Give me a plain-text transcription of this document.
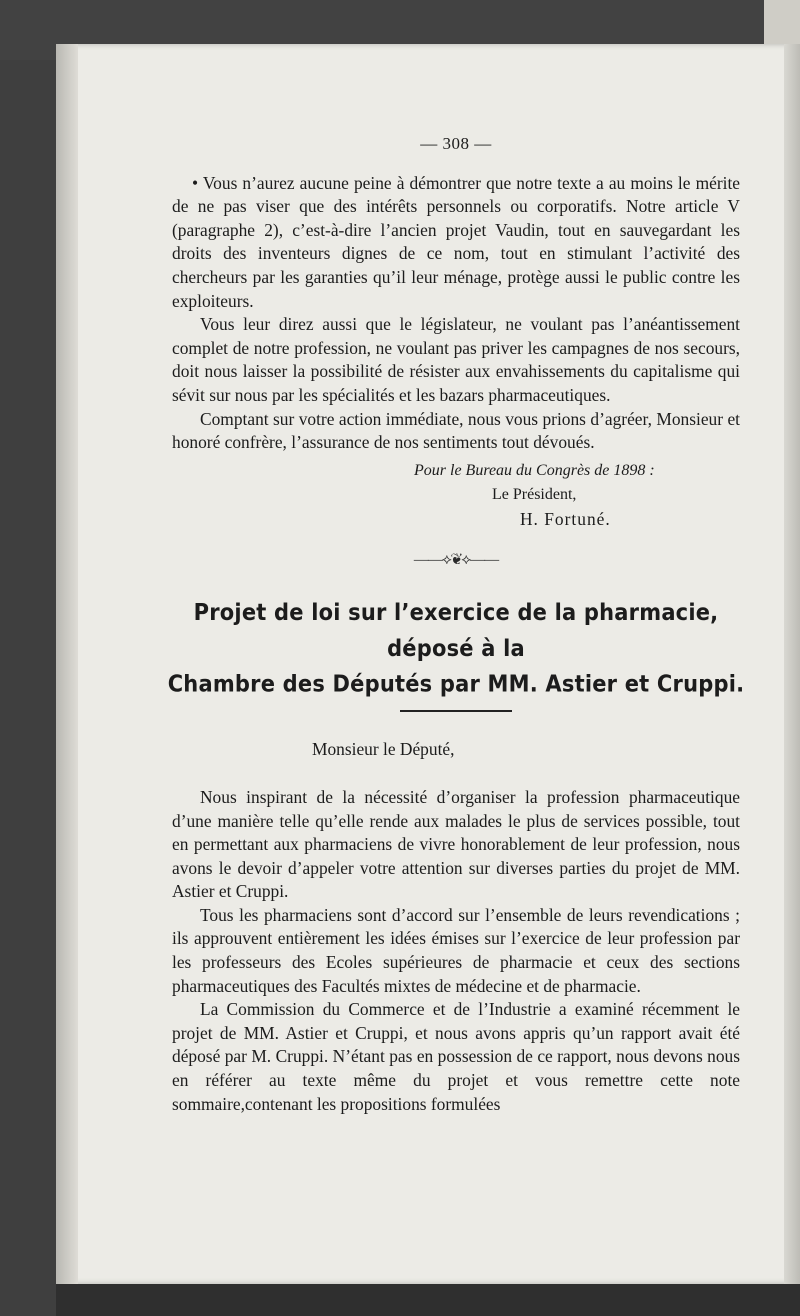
— 308 —

• Vous n’aurez aucune peine à démontrer que notre texte a au moins le mérite de ne pas viser que des intérêts personnels ou corporatifs. Notre article V (paragraphe 2), c’est-à-dire l’ancien projet Vaudin, tout en sauvegardant les droits des inventeurs dignes de ce nom, tout en stimulant l’activité des chercheurs par les garanties qu’il leur ménage, protège aussi le public contre les exploiteurs.

Vous leur direz aussi que le législateur, ne voulant pas l’anéantissement complet de notre profession, ne voulant pas priver les campagnes de nos secours, doit nous laisser la possibilité de résister aux envahissements du capitalisme qui sévit sur nous par les spécialités et les bazars pharmaceutiques.

Comptant sur votre action immédiate, nous vous prions d’agréer, Monsieur et honoré confrère, l’assurance de nos sentiments tout dévoués.

Pour le Bureau du Congrès de 1898 :

Le Président,

H. Fortuné.

——⟡❦⟡——
Projet de loi sur l’exercice de la pharmacie, déposé à la
Chambre des Députés par MM. Astier et Cruppi.

Monsieur le Député,

Nous inspirant de la nécessité d’organiser la profession pharmaceutique d’une manière telle qu’elle rende aux malades le plus de services possible, tout en permettant aux pharmaciens de vivre honorablement de leur profession, nous avons le devoir d’appeler votre attention sur diverses parties du projet de MM. Astier et Cruppi.

Tous les pharmaciens sont d’accord sur l’ensemble de leurs revendications ; ils approuvent entièrement les idées émises sur l’exercice de leur profession par les professeurs des Ecoles supérieures de pharmacie et ceux des sections pharmaceutiques des Facultés mixtes de médecine et de pharmacie.

La Commission du Commerce et de l’Industrie a examiné récemment le projet de MM. Astier et Cruppi, et nous avons appris qu’un rapport avait été déposé par M. Cruppi. N’étant pas en possession de ce rapport, nous devons nous en référer au texte même du projet et vous remettre cette note sommaire,contenant les propositions formulées
